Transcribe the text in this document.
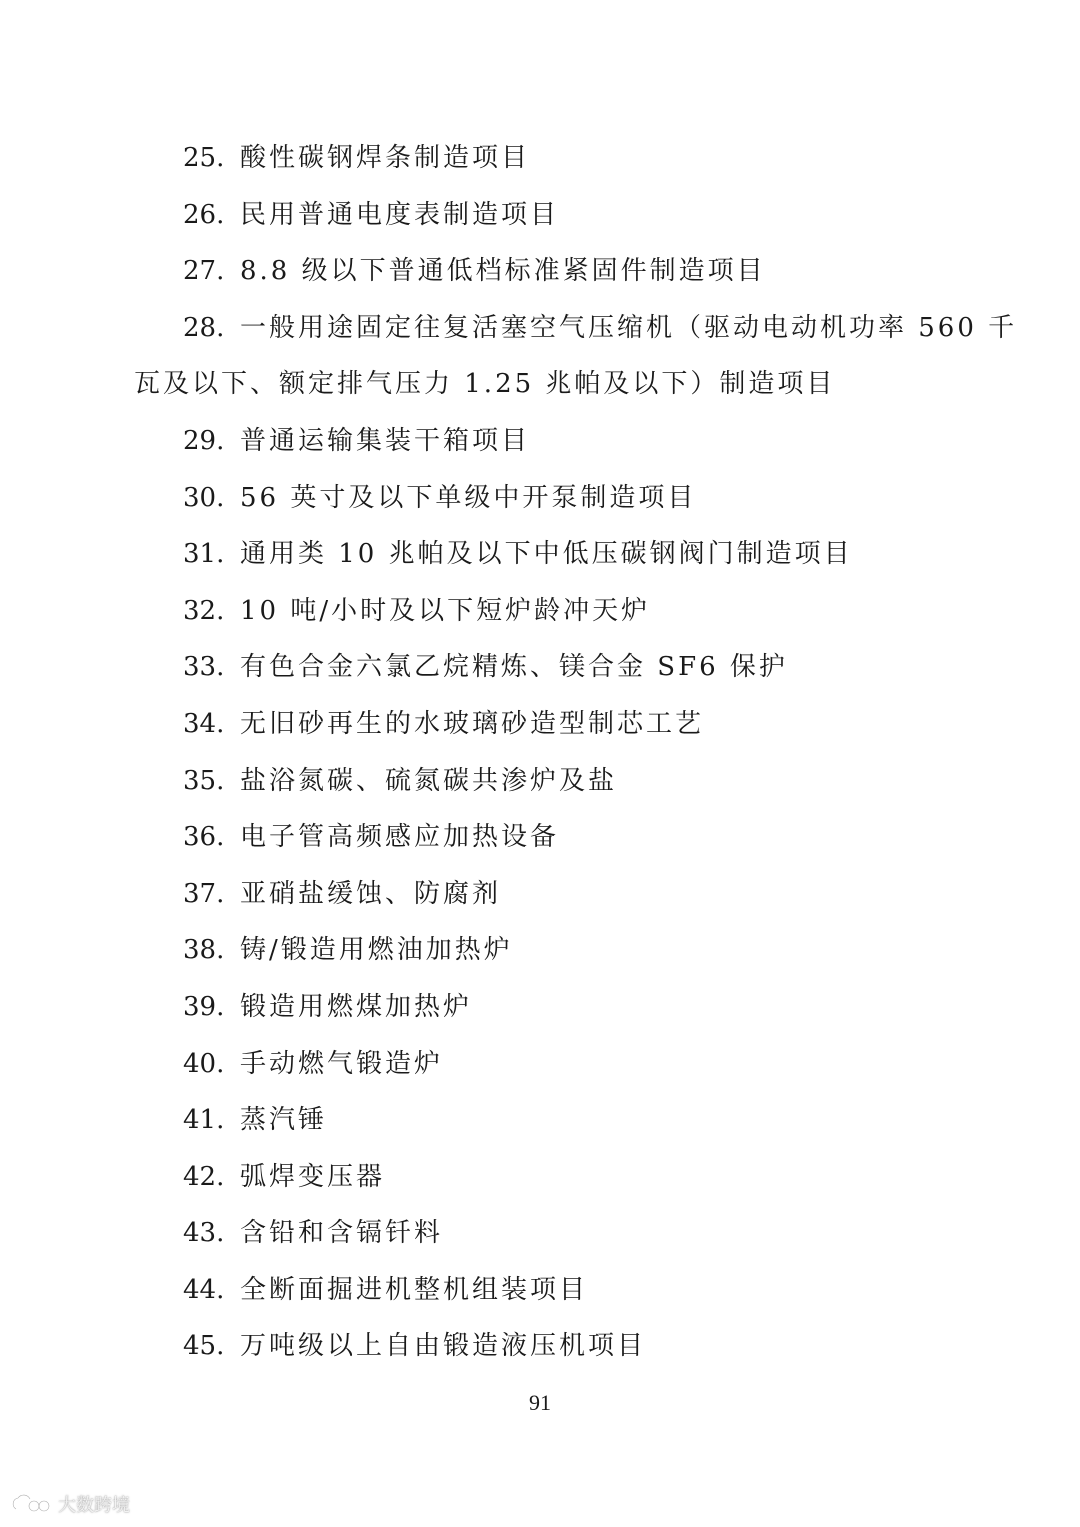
25. 酸性碳钢焊条制造项目
26. 民用普通电度表制造项目
27. 8.8 级以下普通低档标准紧固件制造项目
28. 一般用途固定往复活塞空气压缩机（驱动电动机功率 560 千
瓦及以下、额定排气压力 1.25 兆帕及以下）制造项目
29. 普通运输集装干箱项目
30. 56 英寸及以下单级中开泵制造项目
31. 通用类 10 兆帕及以下中低压碳钢阀门制造项目
32. 10 吨/小时及以下短炉龄冲天炉
33. 有色合金六氯乙烷精炼、镁合金 SF6 保护
34. 无旧砂再生的水玻璃砂造型制芯工艺
35. 盐浴氮碳、硫氮碳共渗炉及盐
36. 电子管高频感应加热设备
37. 亚硝盐缓蚀、防腐剂
38. 铸/锻造用燃油加热炉
39. 锻造用燃煤加热炉
40. 手动燃气锻造炉
41. 蒸汽锤
42. 弧焊变压器
43. 含铅和含镉钎料
44. 全断面掘进机整机组装项目
45. 万吨级以上自由锻造液压机项目
91
大数跨境
